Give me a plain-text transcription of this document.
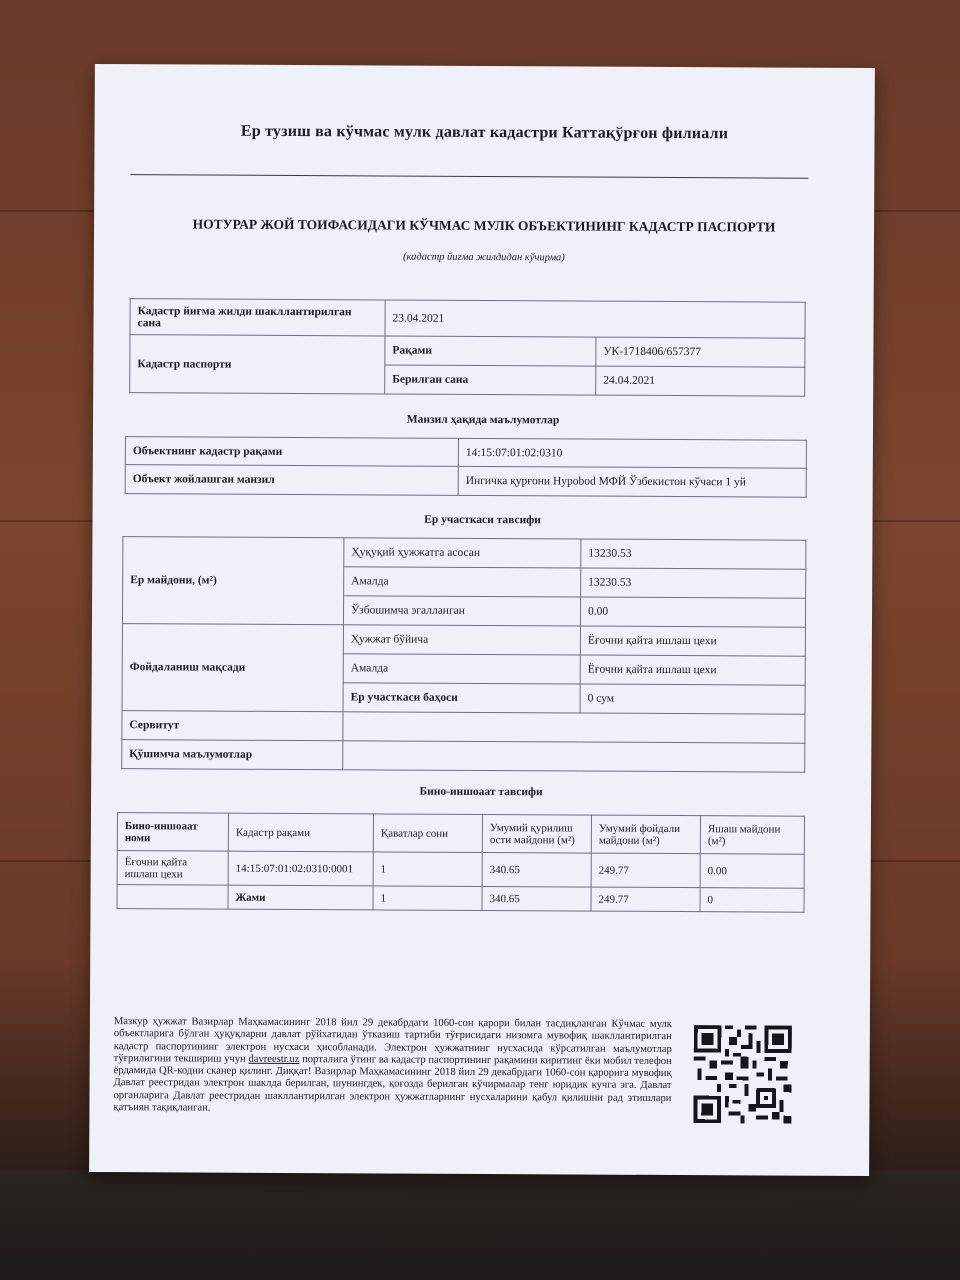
Ер тузиш ва кўчмас мулк давлат кадастри Каттақўрғон филиали
НОТУРАР ЖОЙ ТОИФАСИДАГИ КЎЧМАС МУЛК ОБЪЕКТИНИНГ КАДАСТР ПАСПОРТИ
(кадастр йиғма жилдидан кўчирма)
Кадастр йиғма жилди шакллантирилган сана	23.04.2021	
Кадастр паспорти	Рақами	УК-1718406/657377
	Берилган сана	24.04.2021
Манзил ҳақида маълумотлар
Объектнинг кадастр рақами	14:15:07:01:02:0310
Объект жойлашган манзил	Ингичка қурғони Нурobod МФЙ Ўзбекистон кўчаси 1 уй
Ер участкаси тавсифи
Ер майдони, (м²)	Ҳуқуқий ҳужжатга асосан	13230.53
	Амалда	13230.53
	Ўзбошимча эгалланган	0.00
Фойдаланиш мақсади	Ҳужжат бўйича	Ёғочни қайта ишлаш цехи
	Амалда	Ёғочни қайта ишлаш цехи
	Ер участкаси баҳоси	0 сум
Сервитут		
Қўшимча маълумотлар		
Бино-иншоаат тавсифи
Бино-иншоаат номи	Кадастр рақами	Қаватлар сони	Умумий қурилиш ости майдони (м²)	Умумий фойдали майдони (м²)	Яшаш майдони (м²)
Ёғочни қайта ишлаш цехи	14:15:07:01:02:0310:0001	1	340.65	249.77	0.00
	Жами	1	340.65	249.77	0
Мазкур ҳужжат Вазирлар Маҳкамасининг 2018 йил 29 декабрдаги 1060-сон қарори билан тасдиқланган Кўчмас мулк объектларига бўлган ҳуқуқларни давлат рўйхатидан ўтказиш тартиби тўғрисидаги низомга мувофиқ шакллантирилган кадастр паспортининг электрон нусхаси ҳисобланади. Электрон ҳужжатнинг нусхасида кўрсатилган маълумотлар тўғрилигини текшириш учун davreestr.uz порталига ўтинг ва кадастр паспортининг рақамини киритинг ёки мобил телефон ёрдамида QR-кодни сканер қилинг. Диққат! Вазирлар Маҳкамасининг 2018 йил 29 декабрдаги 1060-сон қарорига мувофиқ Давлат реестридан электрон шаклда берилган, шунингдек, қоғозда берилган кўчирмалар тенг юридик кучга эга. Давлат органларига Давлат реестридан шакллантирилган электрон ҳужжатларнинг нусхаларини қабул қилишни рад этишлари қатъиян тақиқланган.
